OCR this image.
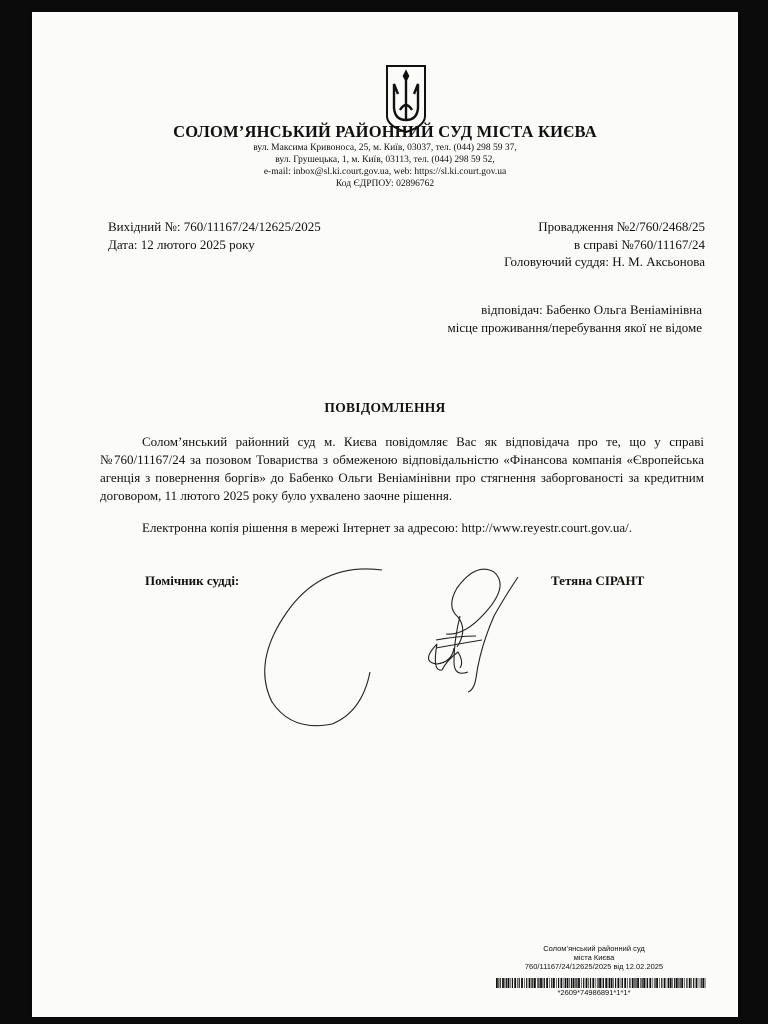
СОЛОМ’ЯНСЬКИЙ РАЙОННИЙ СУД МІСТА КИЄВА
вул. Максима Кривоноса, 25, м. Київ, 03037, тел. (044) 298 59 37,
вул. Грушецька, 1, м. Київ, 03113, тел. (044) 298 59 52,
e-mail: inbox@sl.ki.court.gov.ua, web: https://sl.ki.court.gov.ua
Код ЄДРПОУ: 02896762
Вихідний №: 760/11167/24/12625/2025
Дата: 12 лютого 2025 року
Провадження №2/760/2468/25
в справі №760/11167/24
Головуючий суддя: Н. М. Аксьонова
відповідач: Бабенко Ольга Веніамінівна
місце проживання/перебування якої не відоме
ПОВІДОМЛЕННЯ

Солом’янський районний суд м. Києва повідомляє Вас як відповідача про те, що у справі №760/11167/24 за позовом Товариства з обмеженою відповідальністю «Фінансова компанія «Європейська агенція з повернення боргів» до Бабенко Ольги Веніамінівни про стягнення заборгованості за кредитним договором, 11 лютого 2025 року було ухвалено заочне рішення.

Електронна копія рішення в мережі Інтернет за адресою: http://www.reyestr.court.gov.ua/.
Помічник судді:	Тетяна СІРАНТ
Солом’янський районний суд
міста Києва
760/11167/24/12625/2025 від 12.02.2025
*2609*74986891*1*1*
